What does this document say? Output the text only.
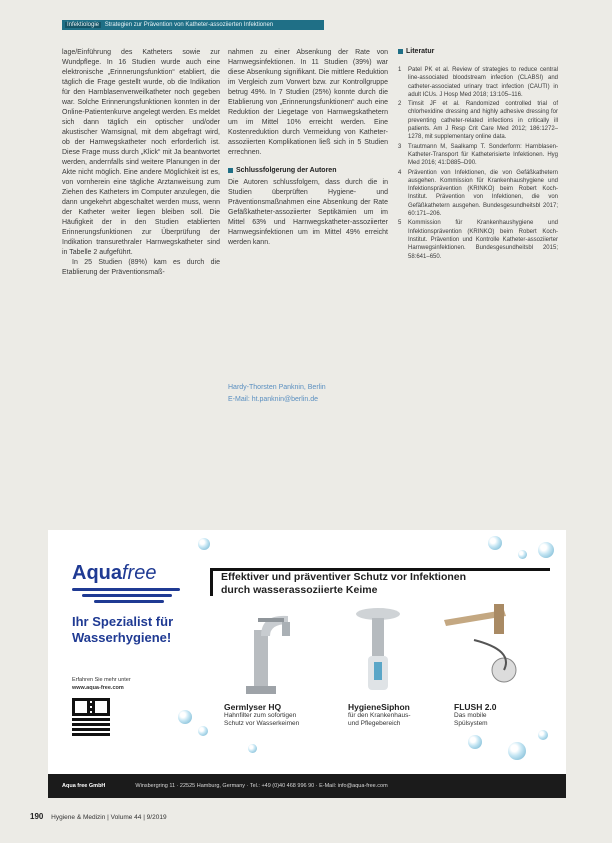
Infektiologie Strategien zur Prävention von Katheter-assoziierten Infektionen

lage/Einführung des Katheters sowie zur Wundpflege. In 16 Studien wurde auch eine elektronische „Erinnerungsfunktion“ etabliert, die täglich die Frage gestellt wurde, ob die Indikation für den Harnblasenverweilkatheter noch gegeben war. Solche Erinnerungsfunktionen konnten in der Online-Patientenkurve angelegt werden. Es meldet sich dann täglich ein optischer und/oder akustischer Warnsignal, mit dem abgefragt wird, ob der Harnwegskatheter noch erforderlich ist. Diese Frage muss durch „Klick“ mit Ja beantwortet werden, andernfalls sind weitere Planungen in der Akte nicht möglich. Eine andere Möglichkeit ist es, von vornherein eine tägliche Arztanweisung zum Ziehen des Katheters im Computer anzulegen, die dann ungekehrt abgeschaltet werden muss, wenn der Katheter weiter liegen bleiben soll. Die Häufigkeit der in den Studien etablierten Erinnerungsfunktionen zur Überprüfung der Indikation transurethraler Harnwegskatheter sind in Tabelle 2 aufgeführt.

In 25 Studien (89%) kam es durch die Etablierung der Präventionsmaß-

nahmen zu einer Absenkung der Rate von Harnwegsinfektionen. In 11 Studien (39%) war diese Absenkung signifikant. Die mittlere Reduktion im Vergleich zum Vorwert bzw. zur Kontrollgruppe betrug 49%. In 7 Studien (25%) konnte durch die Etablierung von „Erinnerungsfunktionen“ auch eine Reduktion der Liegetage von Harnwegskathetern um im Mittel 10% erreicht werden. Eine Kostenreduktion durch Vermeidung von Katheter-assoziierten Komplikationen ließ sich in 5 Studien errechnen.

Schlussfolgerung der Autoren

Die Autoren schlussfolgern, dass durch die in Studien überprüften Hygiene- und Präventionsmaßnahmen eine Absenkung der Rate Gefäßkatheter-assoziierter Septikämien um im Mittel 63% und Harnwegskatheter-assoziierter Harnwegsinfektionen um im Mittel 49% erreicht werden kann.

Hardy-Thorsten Panknin, Berlin
E-Mail: ht.panknin@berlin.de
Literatur
1	Patel PK et al. Review of strategies to reduce central line-associated bloodstream infection (CLABSI) and catheter-associated urinary tract infection (CAUTI) in adult ICUs. J Hosp Med 2018; 13:105–116.
2	Timsit JF et al. Randomized controlled trial of chlorhexidine dressing and highly adhesive dressing for preventing catheter-related infections in critically ill patients. Am J Resp Crit Care Med 2012; 186:1272–1278, mit supplementary online data.
3	Trautmann M, Saalkamp T. Sonderform: Harnblasen-Katheter-Transport für Katheterisierte Infektionen. Hyg Med 2016; 41:D885–D90.
4	Prävention von Infektionen, die von Gefäßkathetern ausgehen. Kommission für Krankenhaushygiene und Infektionsprävention (KRINKO) beim Robert Koch-Institut. Prävention von Infektionen, die von Gefäßkathetern ausgehen. Bundesgesundheitsbl 2017; 60:171–206.
5	Kommission für Krankenhaushygiene und Infektionsprävention (KRINKO) beim Robert Koch-Institut. Prävention und Kontrolle Katheter-assoziierter Harnwegsinfektionen. Bundesgesundheitsbl 2015; 58:641–650.
Aquafree
Ihr Spezialist für
Wasserhygiene!
Erfahren Sie mehr unter
www.aqua-free.com
Effektiver und präventiver Schutz vor Infektionen
durch wasserassoziierte Keime
Germlyser HQ
Hahnfilter zum sofortigen
Schutz vor Wasserkeimen
HygieneSiphon
für den Krankenhaus-
und Pflegebereich
FLUSH 2.0
Das mobile
Spülsystem
Aqua free GmbH	Winsbergring 11 · 22525 Hamburg, Germany · Tel.: +49 (0)40 468 996 90 · E-Mail: info@aqua-free.com
190 Hygiene & Medizin | Volume 44 | 9/2019
